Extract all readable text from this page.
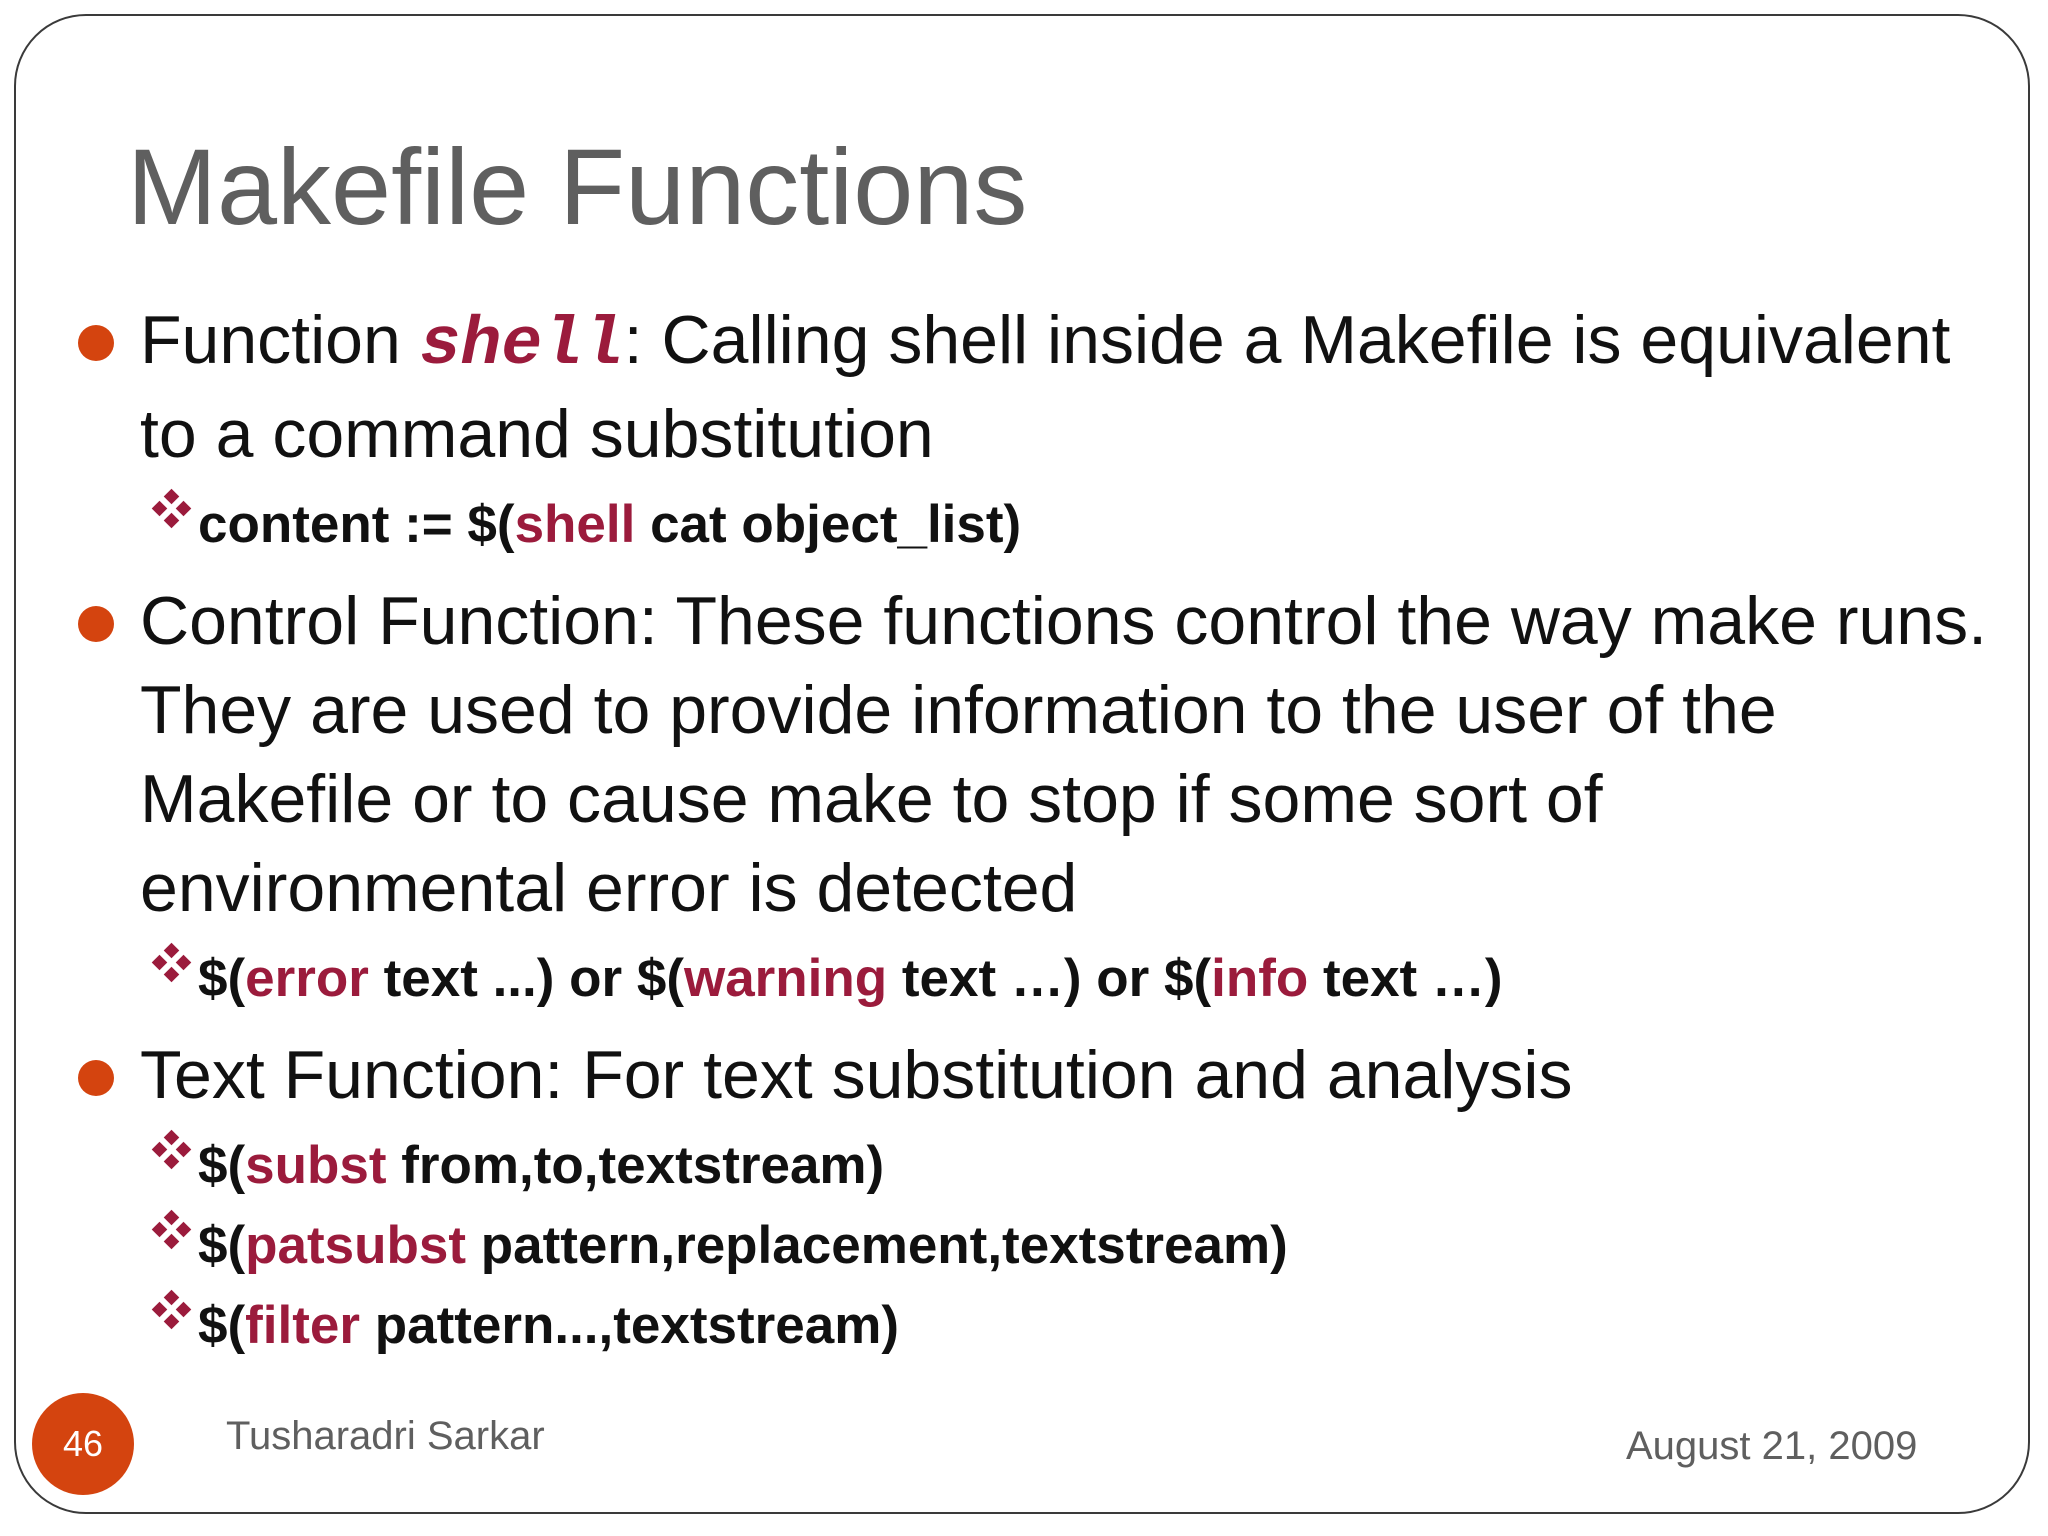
Makefile Functions
Function shell: Calling shell inside a Makefile is equivalent to a command substitution
content := $(shell cat object_list)
Control Function: These functions control the way make runs. They are used to provide information to the user of the Makefile or to cause make to stop if some sort of environmental error is detected
$(error text ...) or $(warning text …) or $(info text …)
Text Function: For text substitution and analysis
$(subst from,to,textstream)
$(patsubst pattern,replacement,textstream)
$(filter pattern...,textstream)
46	Tusharadri Sarkar	August 21, 2009
